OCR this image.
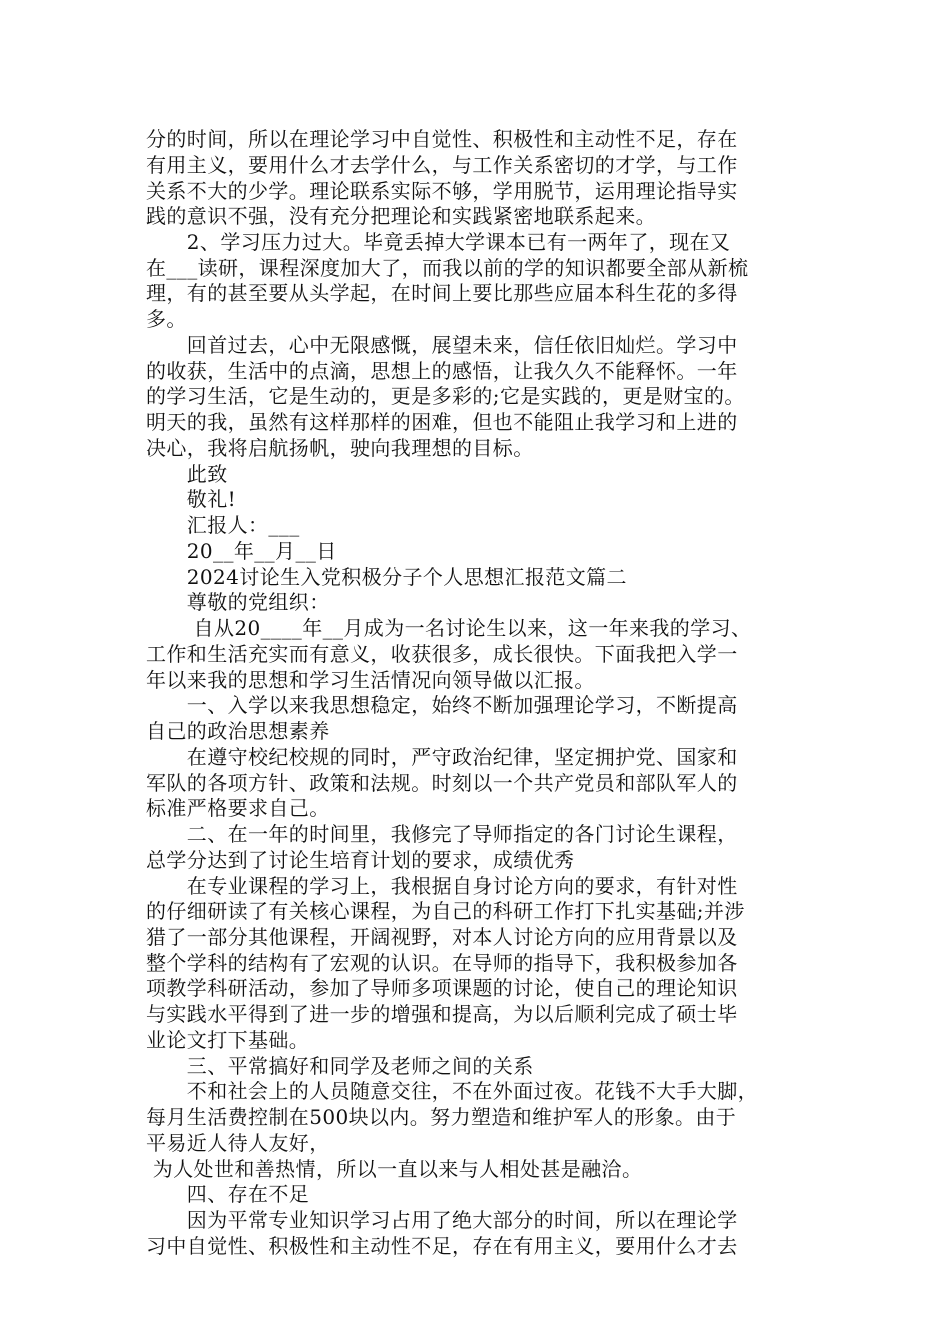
分的时间，所以在理论学习中自觉性、积极性和主动性不足，存在
有用主义，要用什么才去学什么，与工作关系密切的才学，与工作
关系不大的少学。理论联系实际不够，学用脱节，运用理论指导实
践的意识不强，没有充分把理论和实践紧密地联系起来。
　　2、学习压力过大。毕竟丢掉大学课本已有一两年了，现在又
在___读研，课程深度加大了，而我以前的学的知识都要全部从新梳
理，有的甚至要从头学起，在时间上要比那些应届本科生花的多得
多。
　　回首过去，心中无限感慨，展望未来，信任依旧灿烂。学习中
的收获，生活中的点滴，思想上的感悟，让我久久不能释怀。一年
的学习生活，它是生动的，更是多彩的;它是实践的，更是财宝的。
明天的我，虽然有这样那样的困难，但也不能阻止我学习和上进的
决心，我将启航扬帆，驶向我理想的目标。
　　此致
　　敬礼!
　　汇报人：___
　　20__年__月__日
　　2024讨论生入党积极分子个人思想汇报范文篇二
　　尊敬的党组织：
　　 自从20____年__月成为一名讨论生以来，这一年来我的学习、
工作和生活充实而有意义，收获很多，成长很快。下面我把入学一
年以来我的思想和学习生活情况向领导做以汇报。
　　一、入学以来我思想稳定，始终不断加强理论学习，不断提高
自己的政治思想素养
　　在遵守校纪校规的同时，严守政治纪律，坚定拥护党、国家和
军队的各项方针、政策和法规。时刻以一个共产党员和部队军人的
标准严格要求自己。
　　二、在一年的时间里，我修完了导师指定的各门讨论生课程，
总学分达到了讨论生培育计划的要求，成绩优秀
　　在专业课程的学习上，我根据自身讨论方向的要求，有针对性
的仔细研读了有关核心课程，为自己的科研工作打下扎实基础;并涉
猎了一部分其他课程，开阔视野，对本人讨论方向的应用背景以及
整个学科的结构有了宏观的认识。在导师的指导下，我积极参加各
项教学科研活动，参加了导师多项课题的讨论，使自己的理论知识
与实践水平得到了进一步的增强和提高，为以后顺利完成了硕士毕
业论文打下基础。
　　三、平常搞好和同学及老师之间的关系
　　不和社会上的人员随意交往，不在外面过夜。花钱不大手大脚，
每月生活费控制在500块以内。努力塑造和维护军人的形象。由于
平易近人待人友好，
为人处世和善热情，所以一直以来与人相处甚是融洽。
　　四、存在不足
　　因为平常专业知识学习占用了绝大部分的时间，所以在理论学
习中自觉性、积极性和主动性不足，存在有用主义，要用什么才去
